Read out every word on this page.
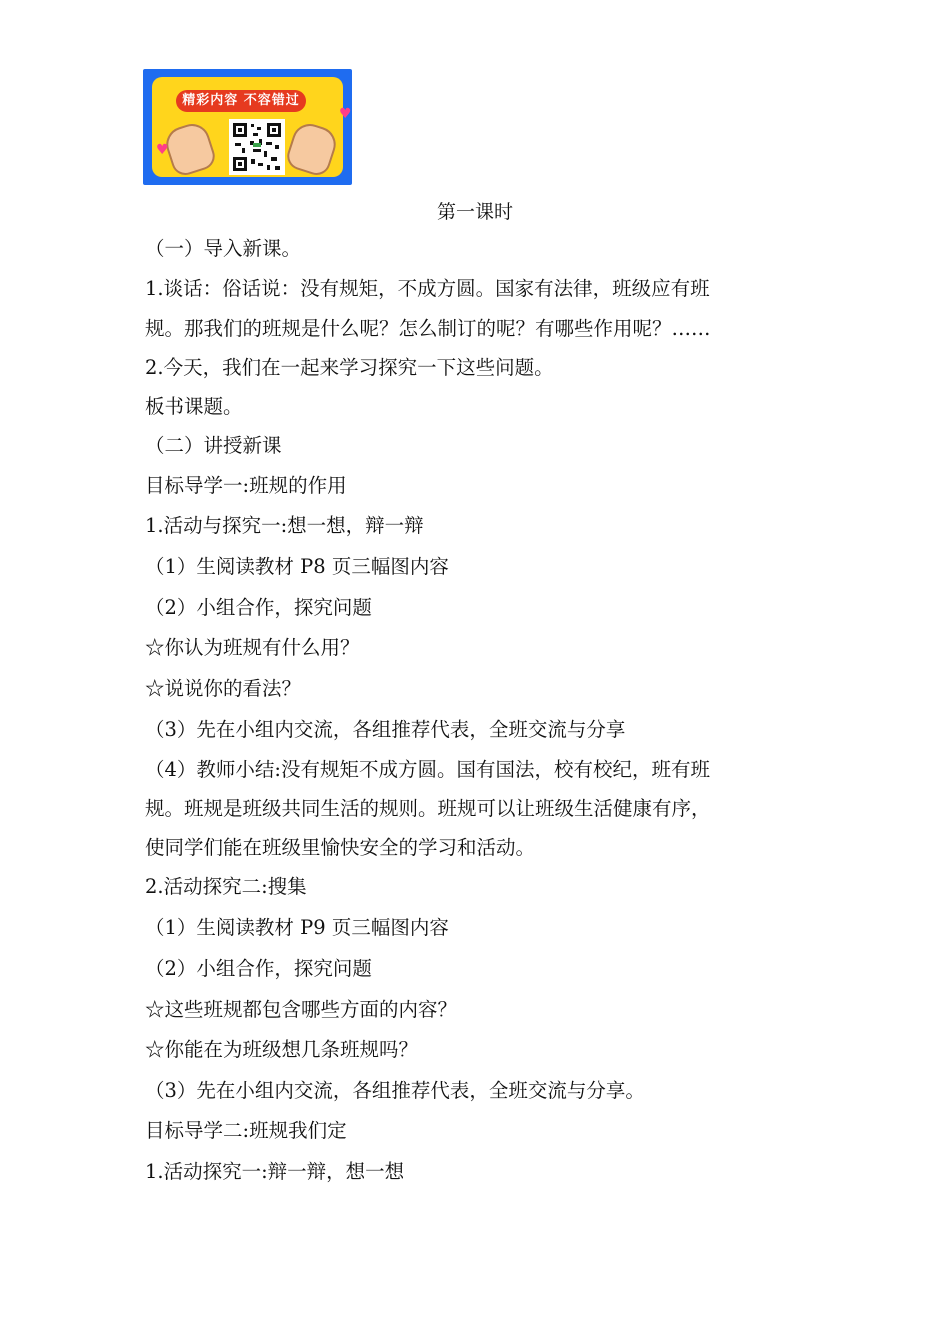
精彩内容 不容错过
♥
♥
第一课时
（一）导入新课。
1.谈话：俗话说：没有规矩，不成方圆。国家有法律，班级应有班
规。那我们的班规是什么呢？怎么制订的呢？有哪些作用呢？……
2.今天，我们在一起来学习探究一下这些问题。
板书课题。
（二）讲授新课
目标导学一:班规的作用
1.活动与探究一:想一想，辩一辩
（1）生阅读教材 P8 页三幅图内容
（2）小组合作，探究问题
☆你认为班规有什么用？
☆说说你的看法？
（3）先在小组内交流，各组推荐代表，全班交流与分享
（4）教师小结:没有规矩不成方圆。国有国法，校有校纪，班有班
规。班规是班级共同生活的规则。班规可以让班级生活健康有序，
使同学们能在班级里愉快安全的学习和活动。
2.活动探究二:搜集
（1）生阅读教材 P9 页三幅图内容
（2）小组合作，探究问题
☆这些班规都包含哪些方面的内容？
☆你能在为班级想几条班规吗？
（3）先在小组内交流，各组推荐代表，全班交流与分享。
目标导学二:班规我们定
1.活动探究一:辩一辩，想一想
